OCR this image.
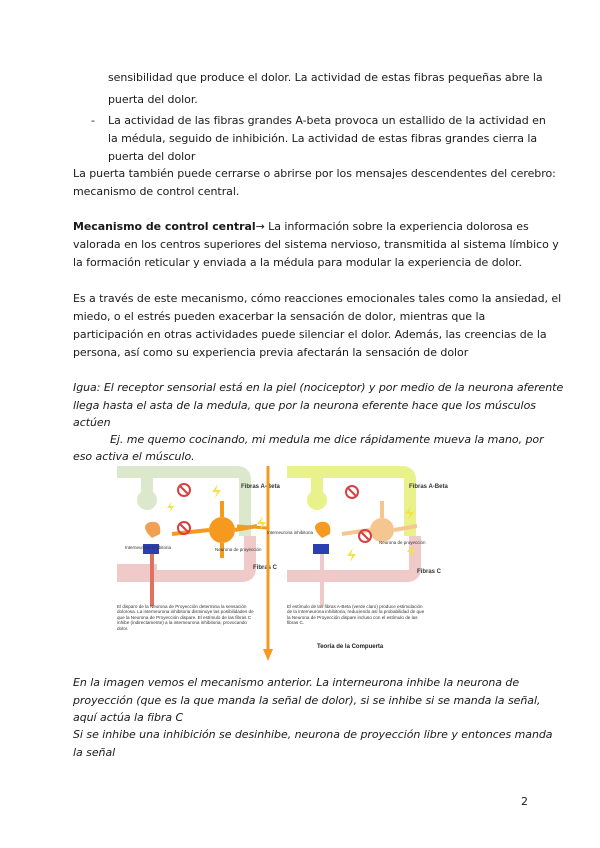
sensibilidad que produce el dolor. La actividad de estas fibras pequeñas abre la
puerta del dolor.
- La actividad de las fibras grandes A-beta provoca un estallido de la actividad en
la médula, seguido de inhibición. La actividad de estas fibras grandes cierra la
puerta del dolor
La puerta también puede cerrarse o abrirse por los mensajes descendentes del cerebro:
mecanismo de control central.
Mecanismo de control central→ La información sobre la experiencia dolorosa es
valorada en los centros superiores del sistema nervioso, transmitida al sistema límbico y
la formación reticular y enviada a la médula para modular la experiencia de dolor.
Es a través de este mecanismo, cómo reacciones emocionales tales como la ansiedad, el
miedo, o el estrés pueden exacerbar la sensación de dolor, mientras que la
participación en otras actividades puede silenciar el dolor. Además, las creencias de la
persona, así como su experiencia previa afectarán la sensación de dolor
Igua: El receptor sensorial está en la piel (nociceptor) y por medio de la neurona aferente
llega hasta el asta de la medula, que por la neurona eferente hace que los músculos
actúen
Ej. me quemo cocinando, mi medula me dice rápidamente mueva la mano, por
eso activa el músculo.
Fibras A-Beta
Neurona de proyección
Interneurona inhibitoria
Fibras C
Fibras A-Beta
Neurona de proyección
Interneurona inhibitoria
Fibras C
El disparo de la Neurona de Proyección determina la sensación dolorosa. La interneurona inhibitoria disminuye las posibilidades de que la Neurona de Proyección dispare. El estímulo de las fibras C inhibe (indirectamente) a la interneurona inhibitoria, provocando dolor.
El estímulo de las fibras A-Beta (verde claro) produce estimulación de la interneurona inhibitoria, reduciendo así la probabilidad de que la Neurona de Proyección dispare incluso con el estímulo de las fibras C.
Teoría de la Compuerta
En la imagen vemos el mecanismo anterior. La interneurona inhibe la neurona de
proyección (que es la que manda la señal de dolor), si se inhibe si se manda la señal,
aquí actúa la fibra C
Si se inhibe una inhibición se desinhibe, neurona de proyección libre y entonces manda
la señal
2
